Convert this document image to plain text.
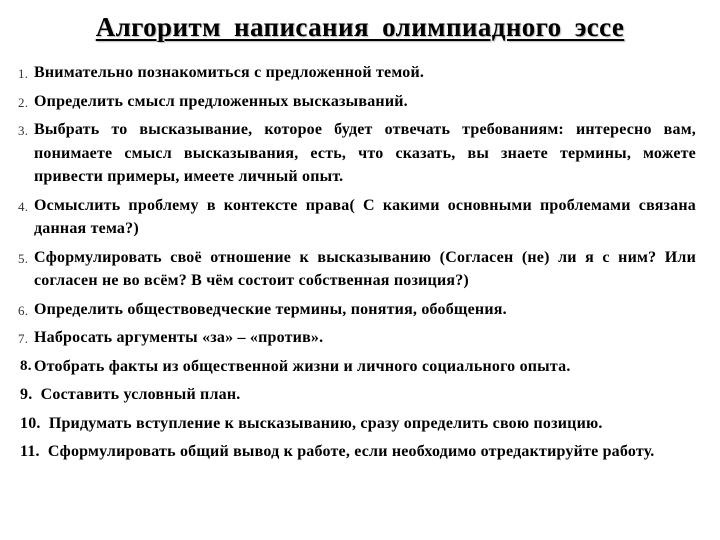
Алгоритм написания олимпиадного эссе
1. Внимательно познакомиться с предложенной темой.
2. Определить смысл предложенных высказываний.
3. Выбрать то высказывание, которое будет отвечать требованиям: интересно вам, понимаете смысл высказывания, есть, что сказать, вы знаете термины, можете привести примеры, имеете личный опыт.
4. Осмыслить проблему в контексте права( С какими основными проблемами связана данная тема?)
5. Сформулировать своё отношение к высказыванию (Согласен (не) ли я с ним? Или согласен не во всём? В чём состоит собственная позиция?)
6. Определить обществоведческие термины, понятия, обобщения.
7. Набросать аргументы «за» – «против».
8. Отобрать факты из общественной жизни и личного социального опыта.
9. Составить условный план.
10. Придумать вступление к высказыванию, сразу определить свою позицию.
11. Сформулировать общий вывод к работе, если необходимо отредактируйте работу.
